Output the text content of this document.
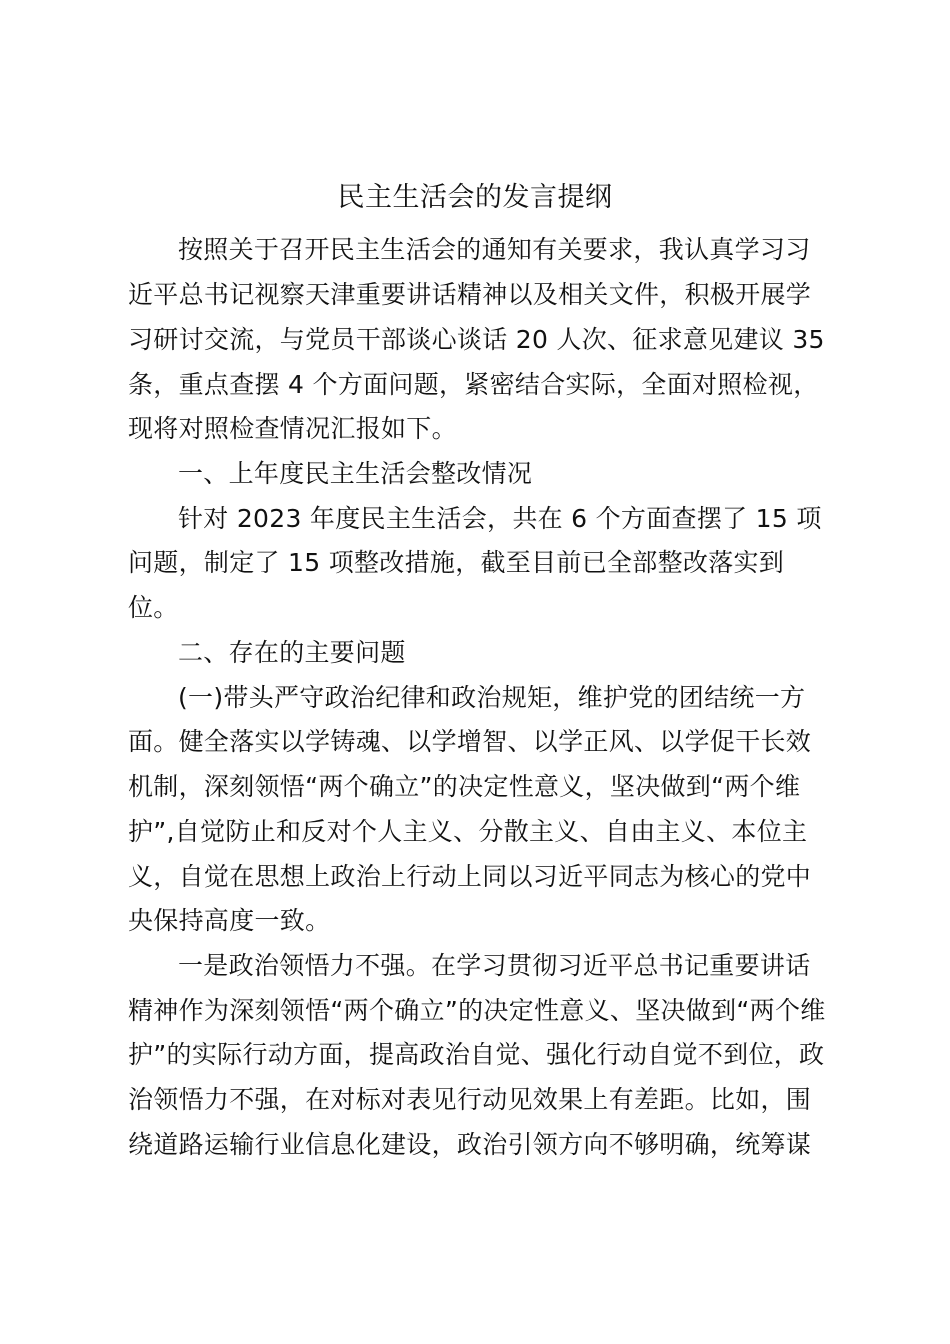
民主生活会的发言提纲
按照关于召开民主生活会的通知有关要求，我认真学习习
近平总书记视察天津重要讲话精神以及相关文件，积极开展学
习研讨交流，与党员干部谈心谈话 20 人次、征求意见建议 35
条，重点查摆 4 个方面问题，紧密结合实际，全面对照检视，
现将对照检查情况汇报如下。
一、上年度民主生活会整改情况
针对 2023 年度民主生活会，共在 6 个方面查摆了 15 项
问题，制定了 15 项整改措施，截至目前已全部整改落实到
位。
二、存在的主要问题
(一)带头严守政治纪律和政治规矩，维护党的团结统一方
面。健全落实以学铸魂、以学增智、以学正风、以学促干长效
机制，深刻领悟“两个确立”的决定性意义，坚决做到“两个维
护”,自觉防止和反对个人主义、分散主义、自由主义、本位主
义，自觉在思想上政治上行动上同以习近平同志为核心的党中
央保持高度一致。
一是政治领悟力不强。在学习贯彻习近平总书记重要讲话
精神作为深刻领悟“两个确立”的决定性意义、坚决做到“两个维
护”的实际行动方面，提高政治自觉、强化行动自觉不到位，政
治领悟力不强，在对标对表见行动见效果上有差距。比如，围
绕道路运输行业信息化建设，政治引领方向不够明确，统筹谋
